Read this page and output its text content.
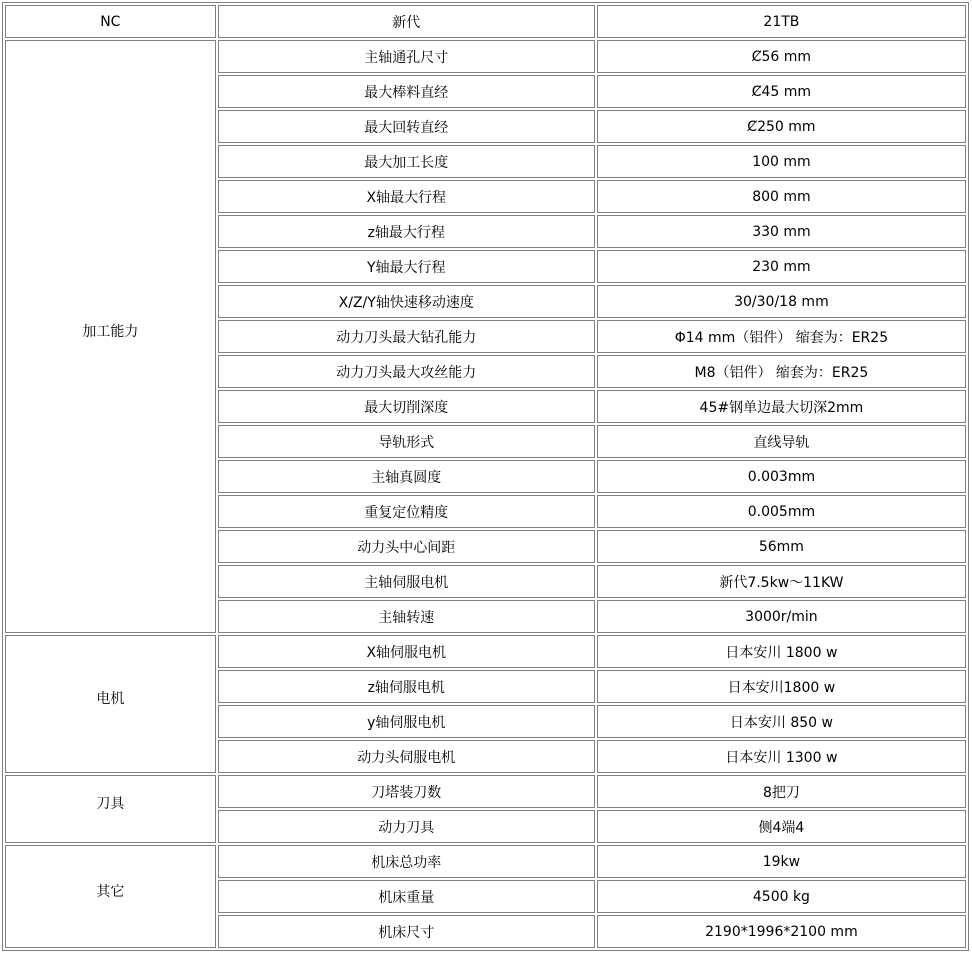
NC	新代	21TB
加工能力	主轴通孔尺寸	Ȼ56 mm
	最大棒料直经	Ȼ45 mm
	最大回转直经	Ȼ250 mm
	最大加工长度	100 mm
	X轴最大行程	800 mm
	z轴最大行程	330 mm
	Y轴最大行程	230 mm
	X/Z/Y轴快速移动速度	30/30/18 mm
	动力刀头最大钻孔能力	Φ14 mm（铝件） 缩套为：ER25
	动力刀头最大攻丝能力	M8（铝件） 缩套为：ER25
	最大切削深度	45#钢单边最大切深2mm
	导轨形式	直线导轨
	主轴真圆度	0.003mm
	重复定位精度	0.005mm
	动力头中心间距	56mm
	主轴伺服电机	新代7.5kw～11KW
	主轴转速	3000r/min
电机	X轴伺服电机	日本安川 1800 w
	z轴伺服电机	日本安川1800 w
	y轴伺服电机	日本安川 850 w
	动力头伺服电机	日本安川 1300 w
刀具	刀塔装刀数	8把刀
	动力刀具	侧4端4
其它	机床总功率	19kw
	机床重量	4500 kg
	机床尺寸	2190*1996*2100 mm
